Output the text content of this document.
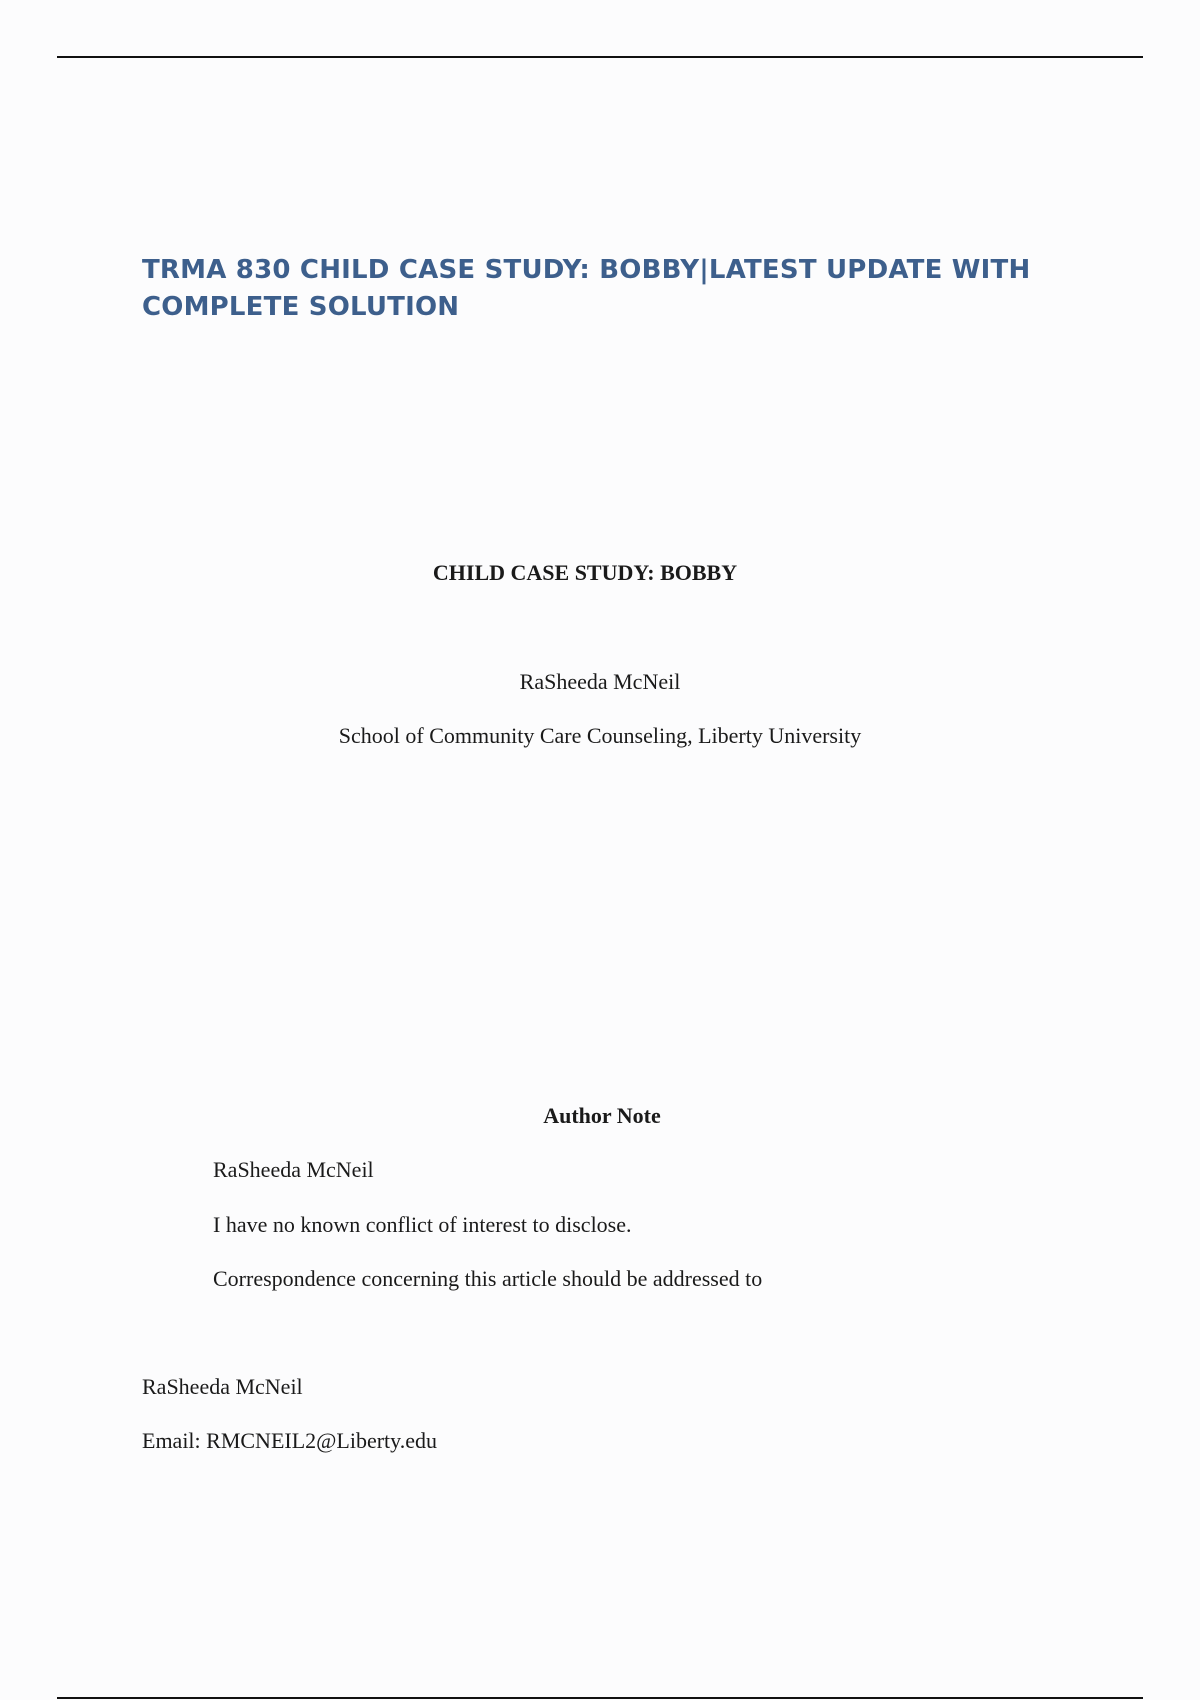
TRMA 830 CHILD CASE STUDY: BOBBY|LATEST UPDATE WITH COMPLETE SOLUTION

CHILD CASE STUDY: BOBBY

RaSheeda McNeil

School of Community Care Counseling, Liberty University

Author Note

RaSheeda McNeil

I have no known conflict of interest to disclose.

Correspondence concerning this article should be addressed to

RaSheeda McNeil

Email: RMCNEIL2@Liberty.edu
